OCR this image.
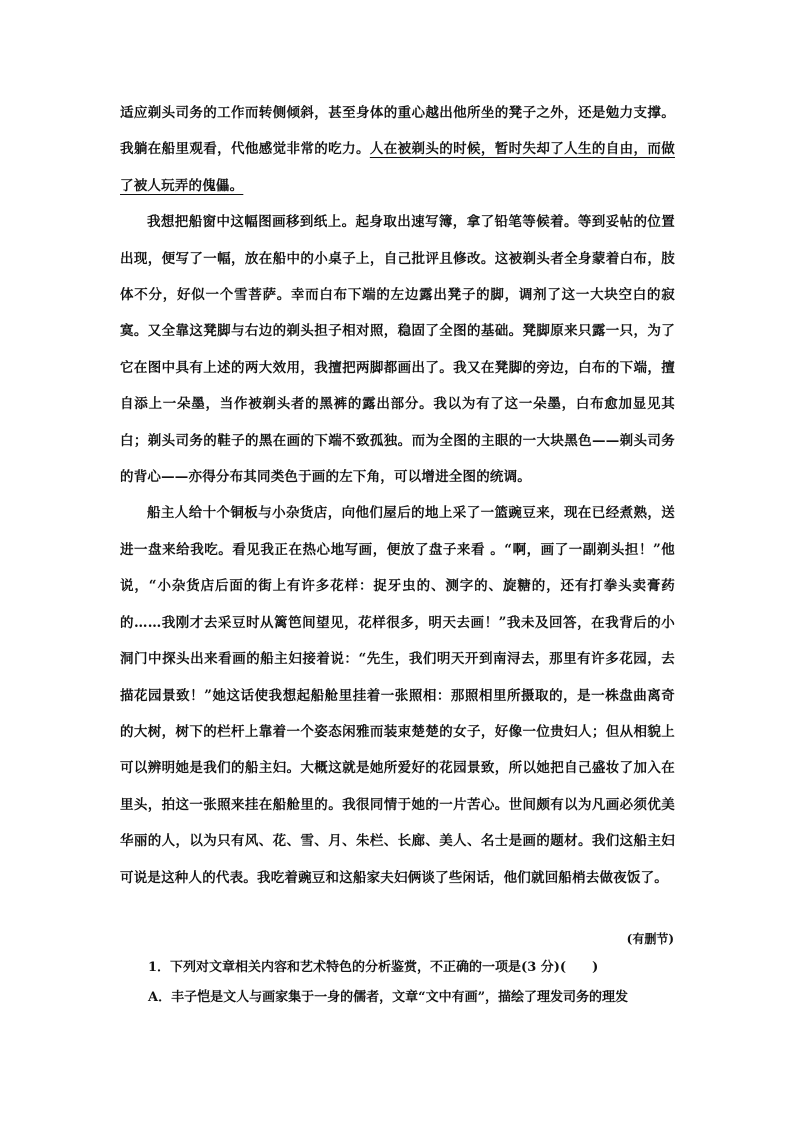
适应剃头司务的工作而转侧倾斜，甚至身体的重心越出他所坐的凳子之外，还是勉力支撑。我躺在船里观看，代他感觉非常的吃力。人在被剃头的时候，暂时失却了人生的自由，而做了被人玩弄的傀儡。

我想把船窗中这幅图画移到纸上。起身取出速写簿，拿了铅笔等候着。等到妥帖的位置出现，便写了一幅，放在船中的小桌子上，自己批评且修改。这被剃头者全身蒙着白布，肢体不分，好似一个雪菩萨。幸而白布下端的左边露出凳子的脚，调剂了这一大块空白的寂寞。又全靠这凳脚与右边的剃头担子相对照，稳固了全图的基础。凳脚原来只露一只，为了它在图中具有上述的两大效用，我擅把两脚都画出了。我又在凳脚的旁边，白布的下端，擅自添上一朵墨，当作被剃头者的黑裤的露出部分。我以为有了这一朵墨，白布愈加显见其白；剃头司务的鞋子的黑在画的下端不致孤独。而为全图的主眼的一大块黑色——剃头司务的背心——亦得分布其同类色于画的左下角，可以增进全图的统调。

船主人给十个铜板与小杂货店，向他们屋后的地上采了一篮豌豆来，现在已经煮熟，送进一盘来给我吃。看见我正在热心地写画，便放了盘子来看 。“啊，画了一副剃头担！”他说，“小杂货店后面的街上有许多花样：捉牙虫的、测字的、旋糖的，还有打拳头卖膏药的……我刚才去采豆时从篱笆间望见，花样很多，明天去画！”我未及回答，在我背后的小洞门中探头出来看画的船主妇接着说：“先生，我们明天开到南浔去，那里有许多花园，去描花园景致！”她这话使我想起船舱里挂着一张照相：那照相里所摄取的，是一株盘曲离奇的大树，树下的栏杆上靠着一个姿态闲雅而装束楚楚的女子，好像一位贵妇人；但从相貌上可以辨明她是我们的船主妇。大概这就是她所爱好的花园景致，所以她把自己盛妆了加入在里头，拍这一张照来挂在船舱里的。我很同情于她的一片苦心。世间颇有以为凡画必须优美华丽的人，以为只有风、花、雪、月、朱栏、长廊、美人、名士是画的题材。我们这船主妇可说是这种人的代表。我吃着豌豆和这船家夫妇俩谈了些闲话，他们就回船梢去做夜饭了。

(有删节)

1．下列对文章相关内容和艺术特色的分析鉴赏，不正确的一项是(3 分)(　　)

A．丰子恺是文人与画家集于一身的儒者，文章“文中有画”，描绘了理发司务的理发
